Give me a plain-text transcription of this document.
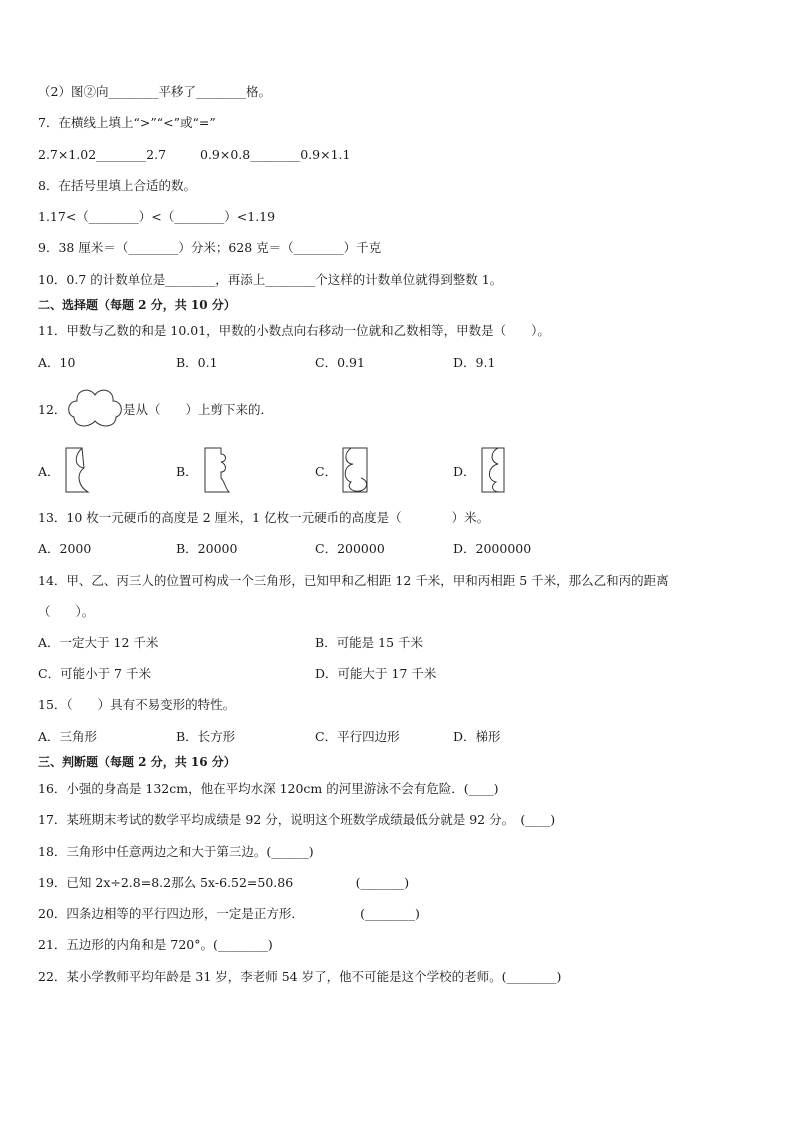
（2）图②向________平移了________格。
7．在横线上填上“>”“<”或“=”
2.7×1.02________2.7	0.9×0.8________0.9×1.1
8．在括号里填上合适的数。
1.17<（________）<（________）<1.19
9．38 厘米＝（________）分米；628 克＝（________）千克
10．0.7 的计数单位是________，再添上________个这样的计数单位就得到整数 1。
二、选择题（每题 2 分，共 10 分）
11．甲数与乙数的和是 10.01，甲数的小数点向右移动一位就和乙数相等，甲数是（　　）。
A．10	B．0.1	C．0.91	D．9.1
12．	是从（　　）上剪下来的．
A．	B．	C．	D．
13．10 枚一元硬币的高度是 2 厘米，1 亿枚一元硬币的高度是（　　　　）米。
A．2000	B．20000	C．200000	D．2000000
14．甲、乙、丙三人的位置可构成一个三角形，已知甲和乙相距 12 千米，甲和丙相距 5 千米，那么乙和丙的距离
（　　）。
A．一定大于 12 千米	B．可能是 15 千米
C．可能小于 7 千米	D．可能大于 17 千米
15．（　　）具有不易变形的特性。
A．三角形	B．长方形	C．平行四边形	D．梯形
三、判断题（每题 2 分，共 16 分）
16．小强的身高是 132cm，他在平均水深 120cm 的河里游泳不会有危险．(____)
17．某班期末考试的数学平均成绩是 92 分，说明这个班数学成绩最低分就是 92 分。　(____)
18．三角形中任意两边之和大于第三边。(______)
19．已知 2x÷2.8=8.2那么 5x-6.52=50.86　　　　　(_______)
20．四条边相等的平行四边形，一定是正方形．　　　　　(________)
21．五边形的内角和是 720°。(________)
22．某小学教师平均年龄是 31 岁，李老师 54 岁了，他不可能是这个学校的老师。(________)
